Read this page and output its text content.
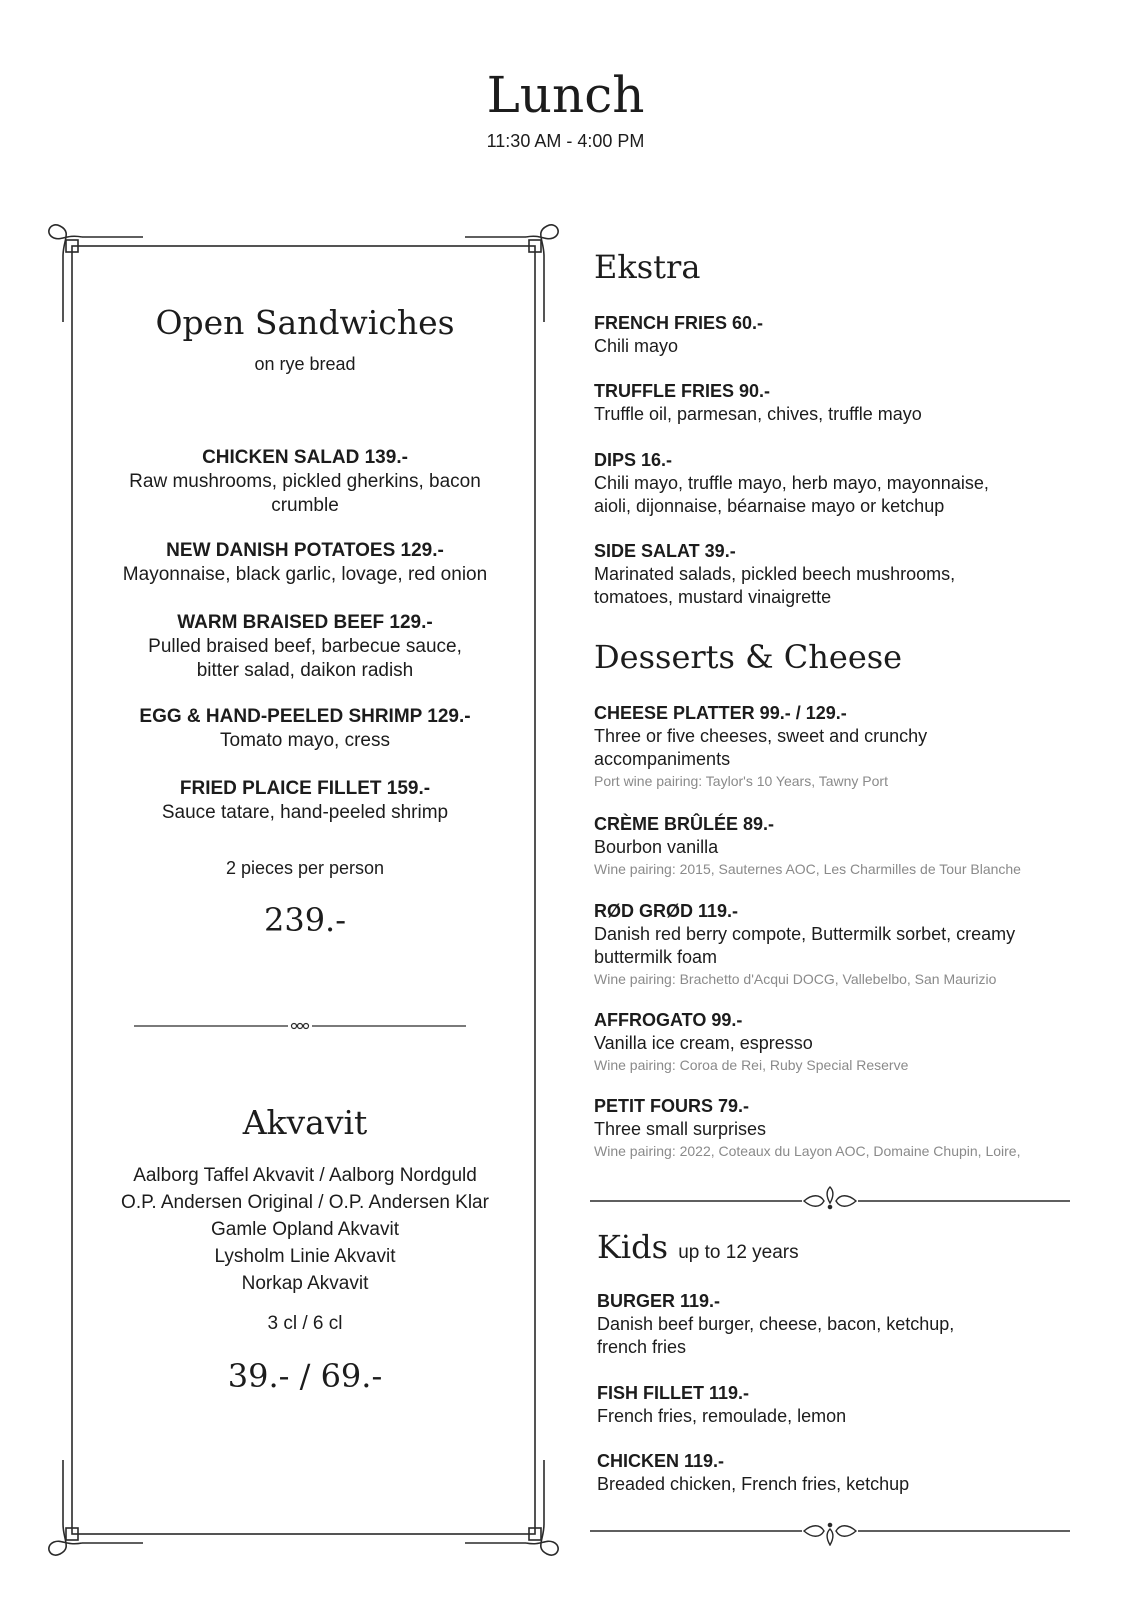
Lunch
11:30 AM - 4:00 PM
Open Sandwiches
on rye bread
CHICKEN SALAD 139.-
Raw mushrooms, pickled gherkins, bacon crumble
NEW DANISH POTATOES 129.-
Mayonnaise, black garlic, lovage, red onion
WARM BRAISED BEEF 129.-
Pulled braised beef, barbecue sauce, bitter salad, daikon radish
EGG & HAND-PEELED SHRIMP 129.-
Tomato mayo, cress
FRIED PLAICE FILLET 159.-
Sauce tatare, hand-peeled shrimp
2 pieces per person
239.-
Akvavit
Aalborg Taffel Akvavit / Aalborg Nordguld
O.P. Andersen Original / O.P. Andersen Klar
Gamle Opland Akvavit
Lysholm Linie Akvavit
Norkap Akvavit
3 cl / 6 cl
39.- / 69.-
Ekstra
FRENCH FRIES 60.-
Chili mayo
TRUFFLE FRIES 90.-
Truffle oil, parmesan, chives, truffle mayo
DIPS 16.-
Chili mayo, truffle mayo, herb mayo, mayonnaise,
aioli, dijonnaise, béarnaise mayo or ketchup
SIDE SALAT 39.-
Marinated salads, pickled beech mushrooms,
tomatoes, mustard vinaigrette
Desserts & Cheese
CHEESE PLATTER 99.- / 129.-
Three or five cheeses, sweet and crunchy
accompaniments
Port wine pairing: Taylor's 10 Years, Tawny Port
CRÈME BRÛLÉE 89.-
Bourbon vanilla
Wine pairing: 2015, Sauternes AOC, Les Charmilles de Tour Blanche
RØD GRØD 119.-
Danish red berry compote, Buttermilk sorbet, creamy
buttermilk foam
Wine pairing: Brachetto d'Acqui DOCG, Vallebelbo, San Maurizio
AFFROGATO 99.-
Vanilla ice cream, espresso
Wine pairing: Coroa de Rei, Ruby Special Reserve
PETIT FOURS 79.-
Three small surprises
Wine pairing: 2022, Coteaux du Layon AOC, Domaine Chupin, Loire,
Kids up to 12 years
BURGER 119.-
Danish beef burger, cheese, bacon, ketchup,
french fries
FISH FILLET 119.-
French fries, remoulade, lemon
CHICKEN 119.-
Breaded chicken, French fries, ketchup
